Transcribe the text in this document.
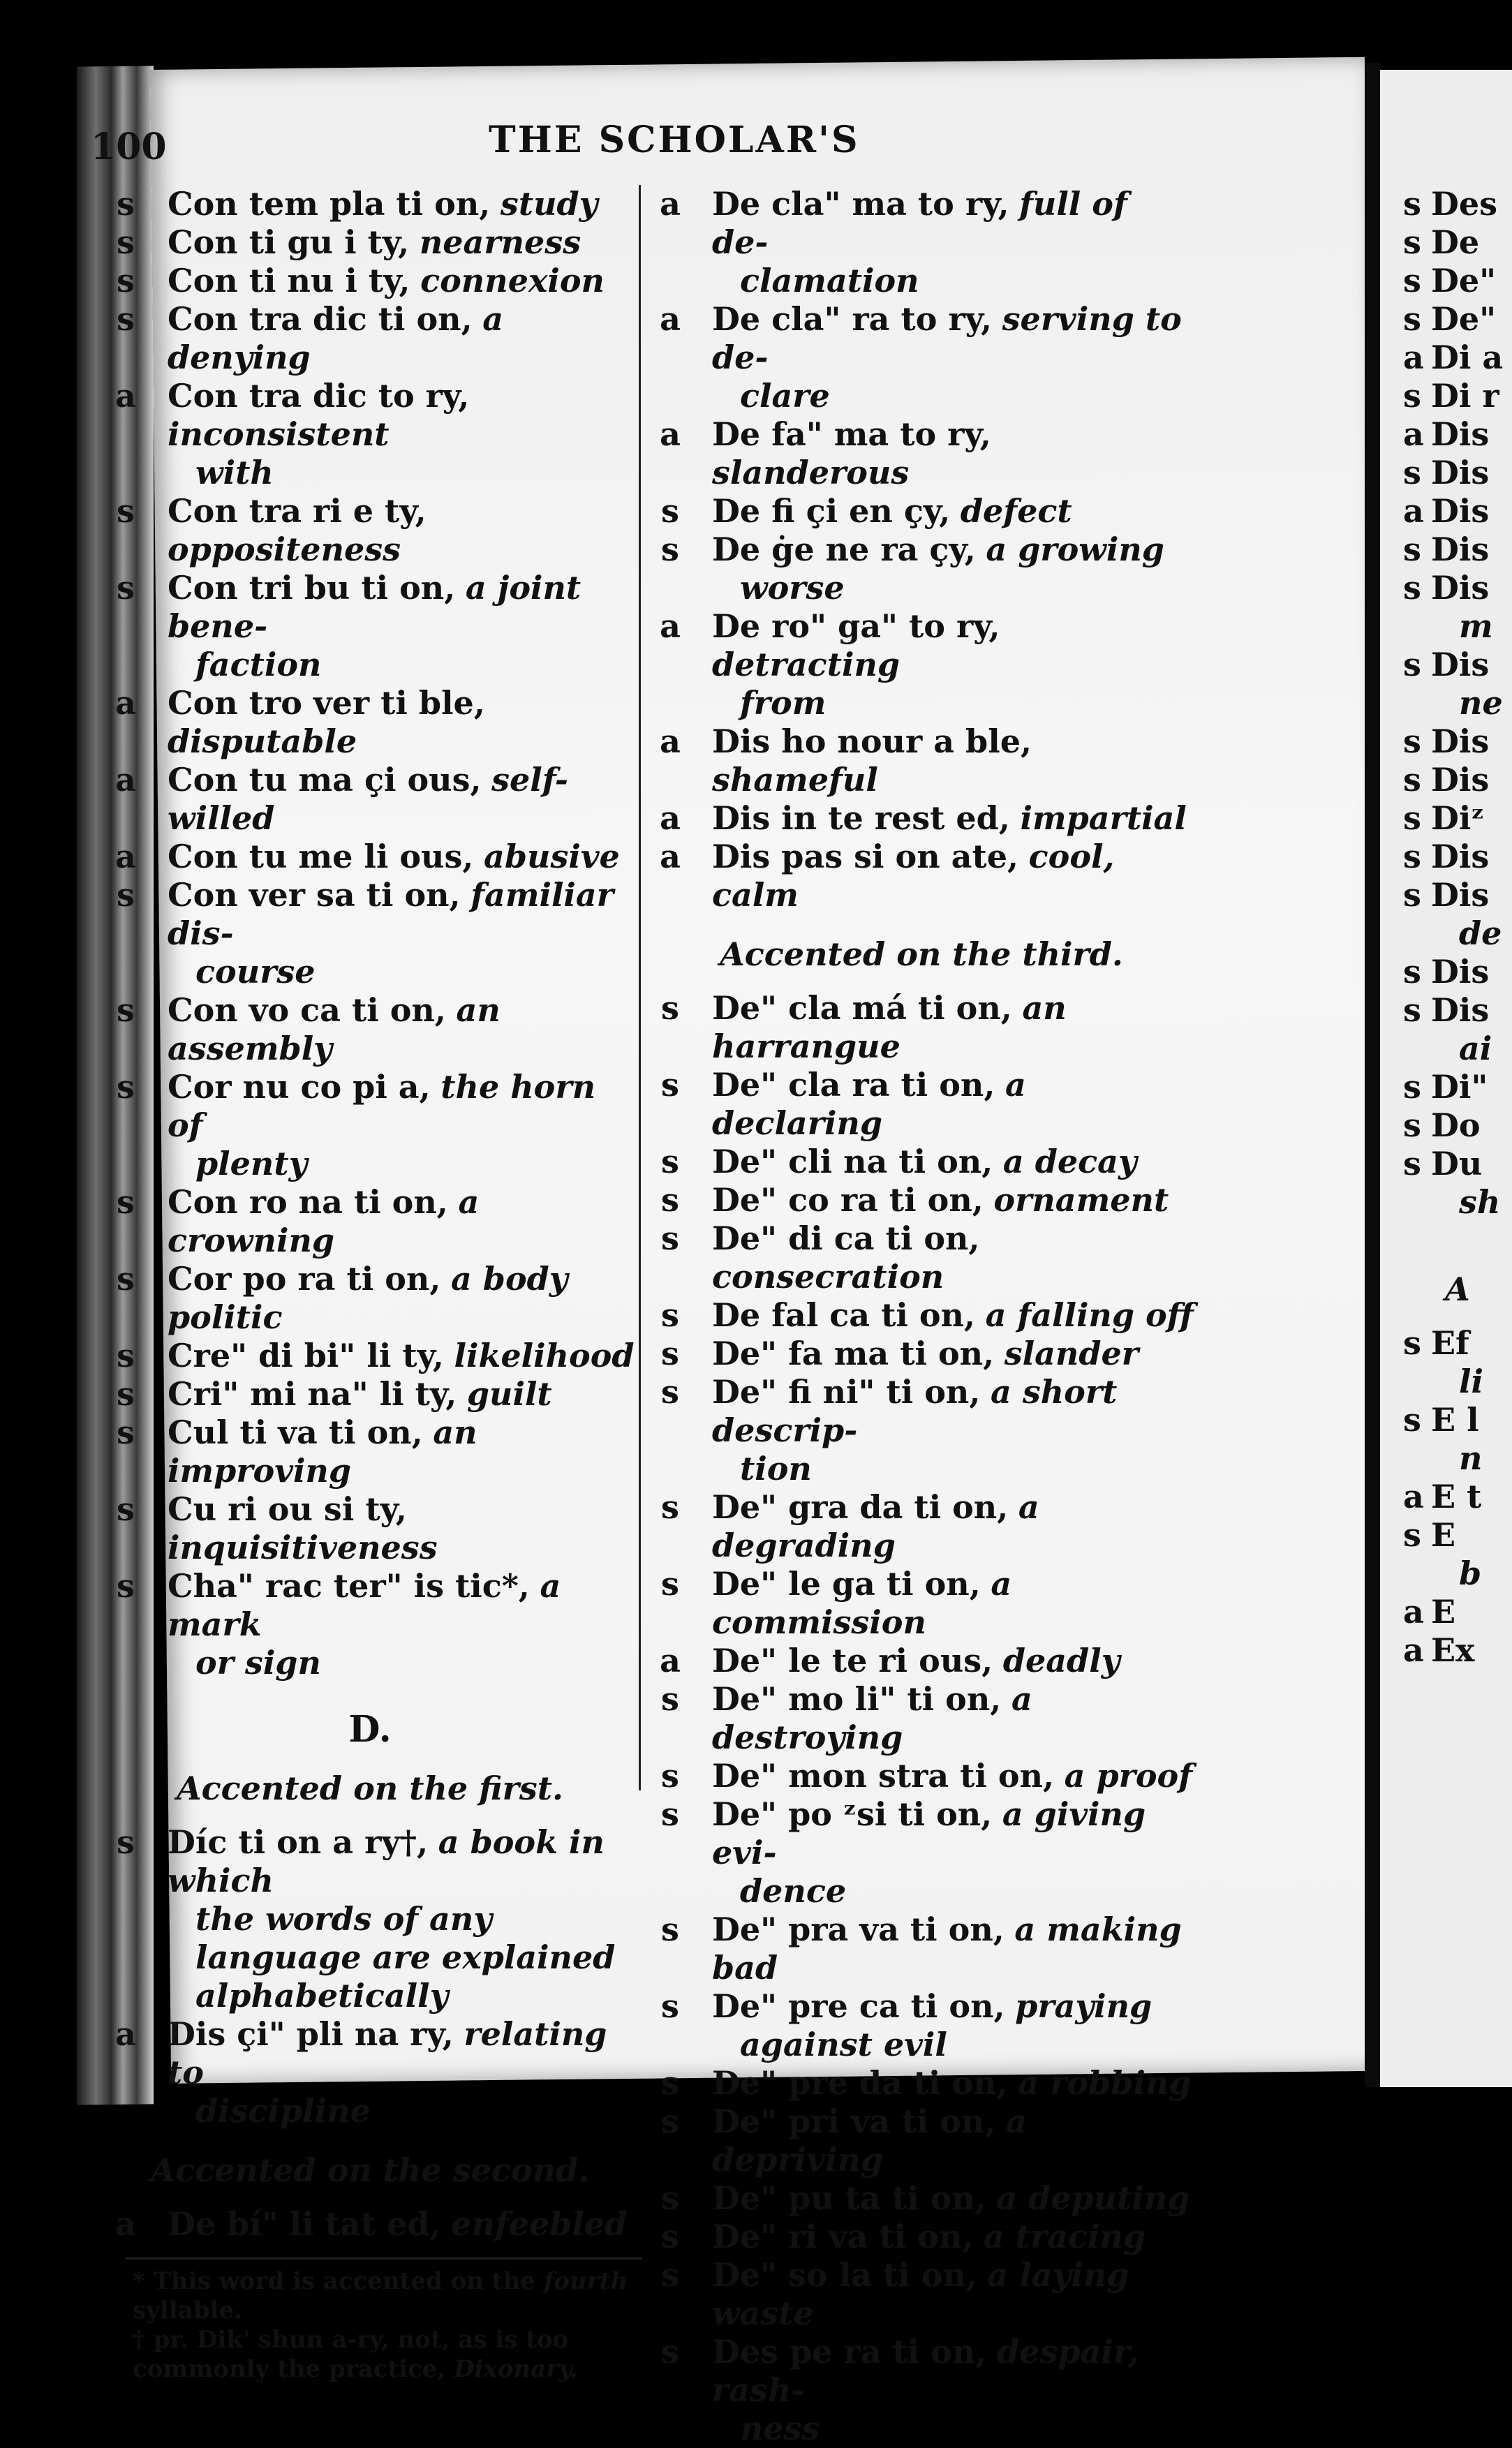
100	THE SCHOLAR'S
s Con tem pla ti on, study
s Con ti gu i ty, nearness
s Con ti nu i ty, connexion
s Con tra dic ti on, a denying
a Con tra dic to ry, inconsistent
with
s Con tra ri e ty, oppositeness
s Con tri bu ti on, a joint bene-
faction
a Con tro ver ti ble, disputable
a Con tu ma çi ous, self-willed
a Con tu me li ous, abusive
s Con ver sa ti on, familiar dis-
course
s Con vo ca ti on, an assembly
s Cor nu co pi a, the horn of
plenty
s Con ro na ti on, a crowning
s Cor po ra ti on, a body politic
s Cre" di bi" li ty, likelihood
s Cri" mi na" li ty, guilt
s Cul ti va ti on, an improving
s Cu ri ou si ty, inquisitiveness
s Cha" rac ter" is tic*, a mark
or sign
D.
Accented on the first.
s Díc ti on a ry†, a book in which
the words of any language are explained alphabetically
a Dis çi" pli na ry, relating to
discipline
Accented on the second.
a De bí" li tat ed, enfeebled
* This word is accented on the fourth syllable.
† pr. Dik' shun a-ry, not, as is too commonly the practice, Dixonary.
a De cla" ma to ry, full of de-
clamation
a De cla" ra to ry, serving to de-
clare
a De fa" ma to ry, slanderous
s De fi çi en çy, defect
s De ġe ne ra çy, a growing
worse
a De ro" ga" to ry, detracting
from
a Dis ho nour a ble, shameful
a Dis in te rest ed, impartial
a Dis pas si on ate, cool, calm
Accented on the third.
s De" cla má ti on, an harrangue
s De" cla ra ti on, a declaring
s De" cli na ti on, a decay
s De" co ra ti on, ornament
s De" di ca ti on, consecration
s De fal ca ti on, a falling off
s De" fa ma ti on, slander
s De" fi ni" ti on, a short descrip-
tion
s De" gra da ti on, a degrading
s De" le ga ti on, a commission
a De" le te ri ous, deadly
s De" mo li" ti on, a destroying
s De" mon stra ti on, a proof
s De" po ᶻsi ti on, a giving evi-
dence
s De" pra va ti on, a making bad
s De" pre ca ti on, praying
against evil
s De" pre da ti on, a robbing
s De" pri va ti on, a depriving
s De" pu ta ti on, a deputing
s De" ri va ti on, a tracing
s De" so la ti on, a laying waste
s Des pe ra ti on, despair, rash-
ness
s Des
s De
s De"
s De"
a Di a
s Di r
a Dis
s Dis
a Dis
s Dis
s Dis
m
s Dis
ne
s Dis
s Dis
s Diᶻ
s Dis
s Dis
de
s Dis
s Dis
ai
s Di"
s Do
s Du
sh
A
s Ef
li
s E l
n
a E t
s E
b
a E
a Ex
